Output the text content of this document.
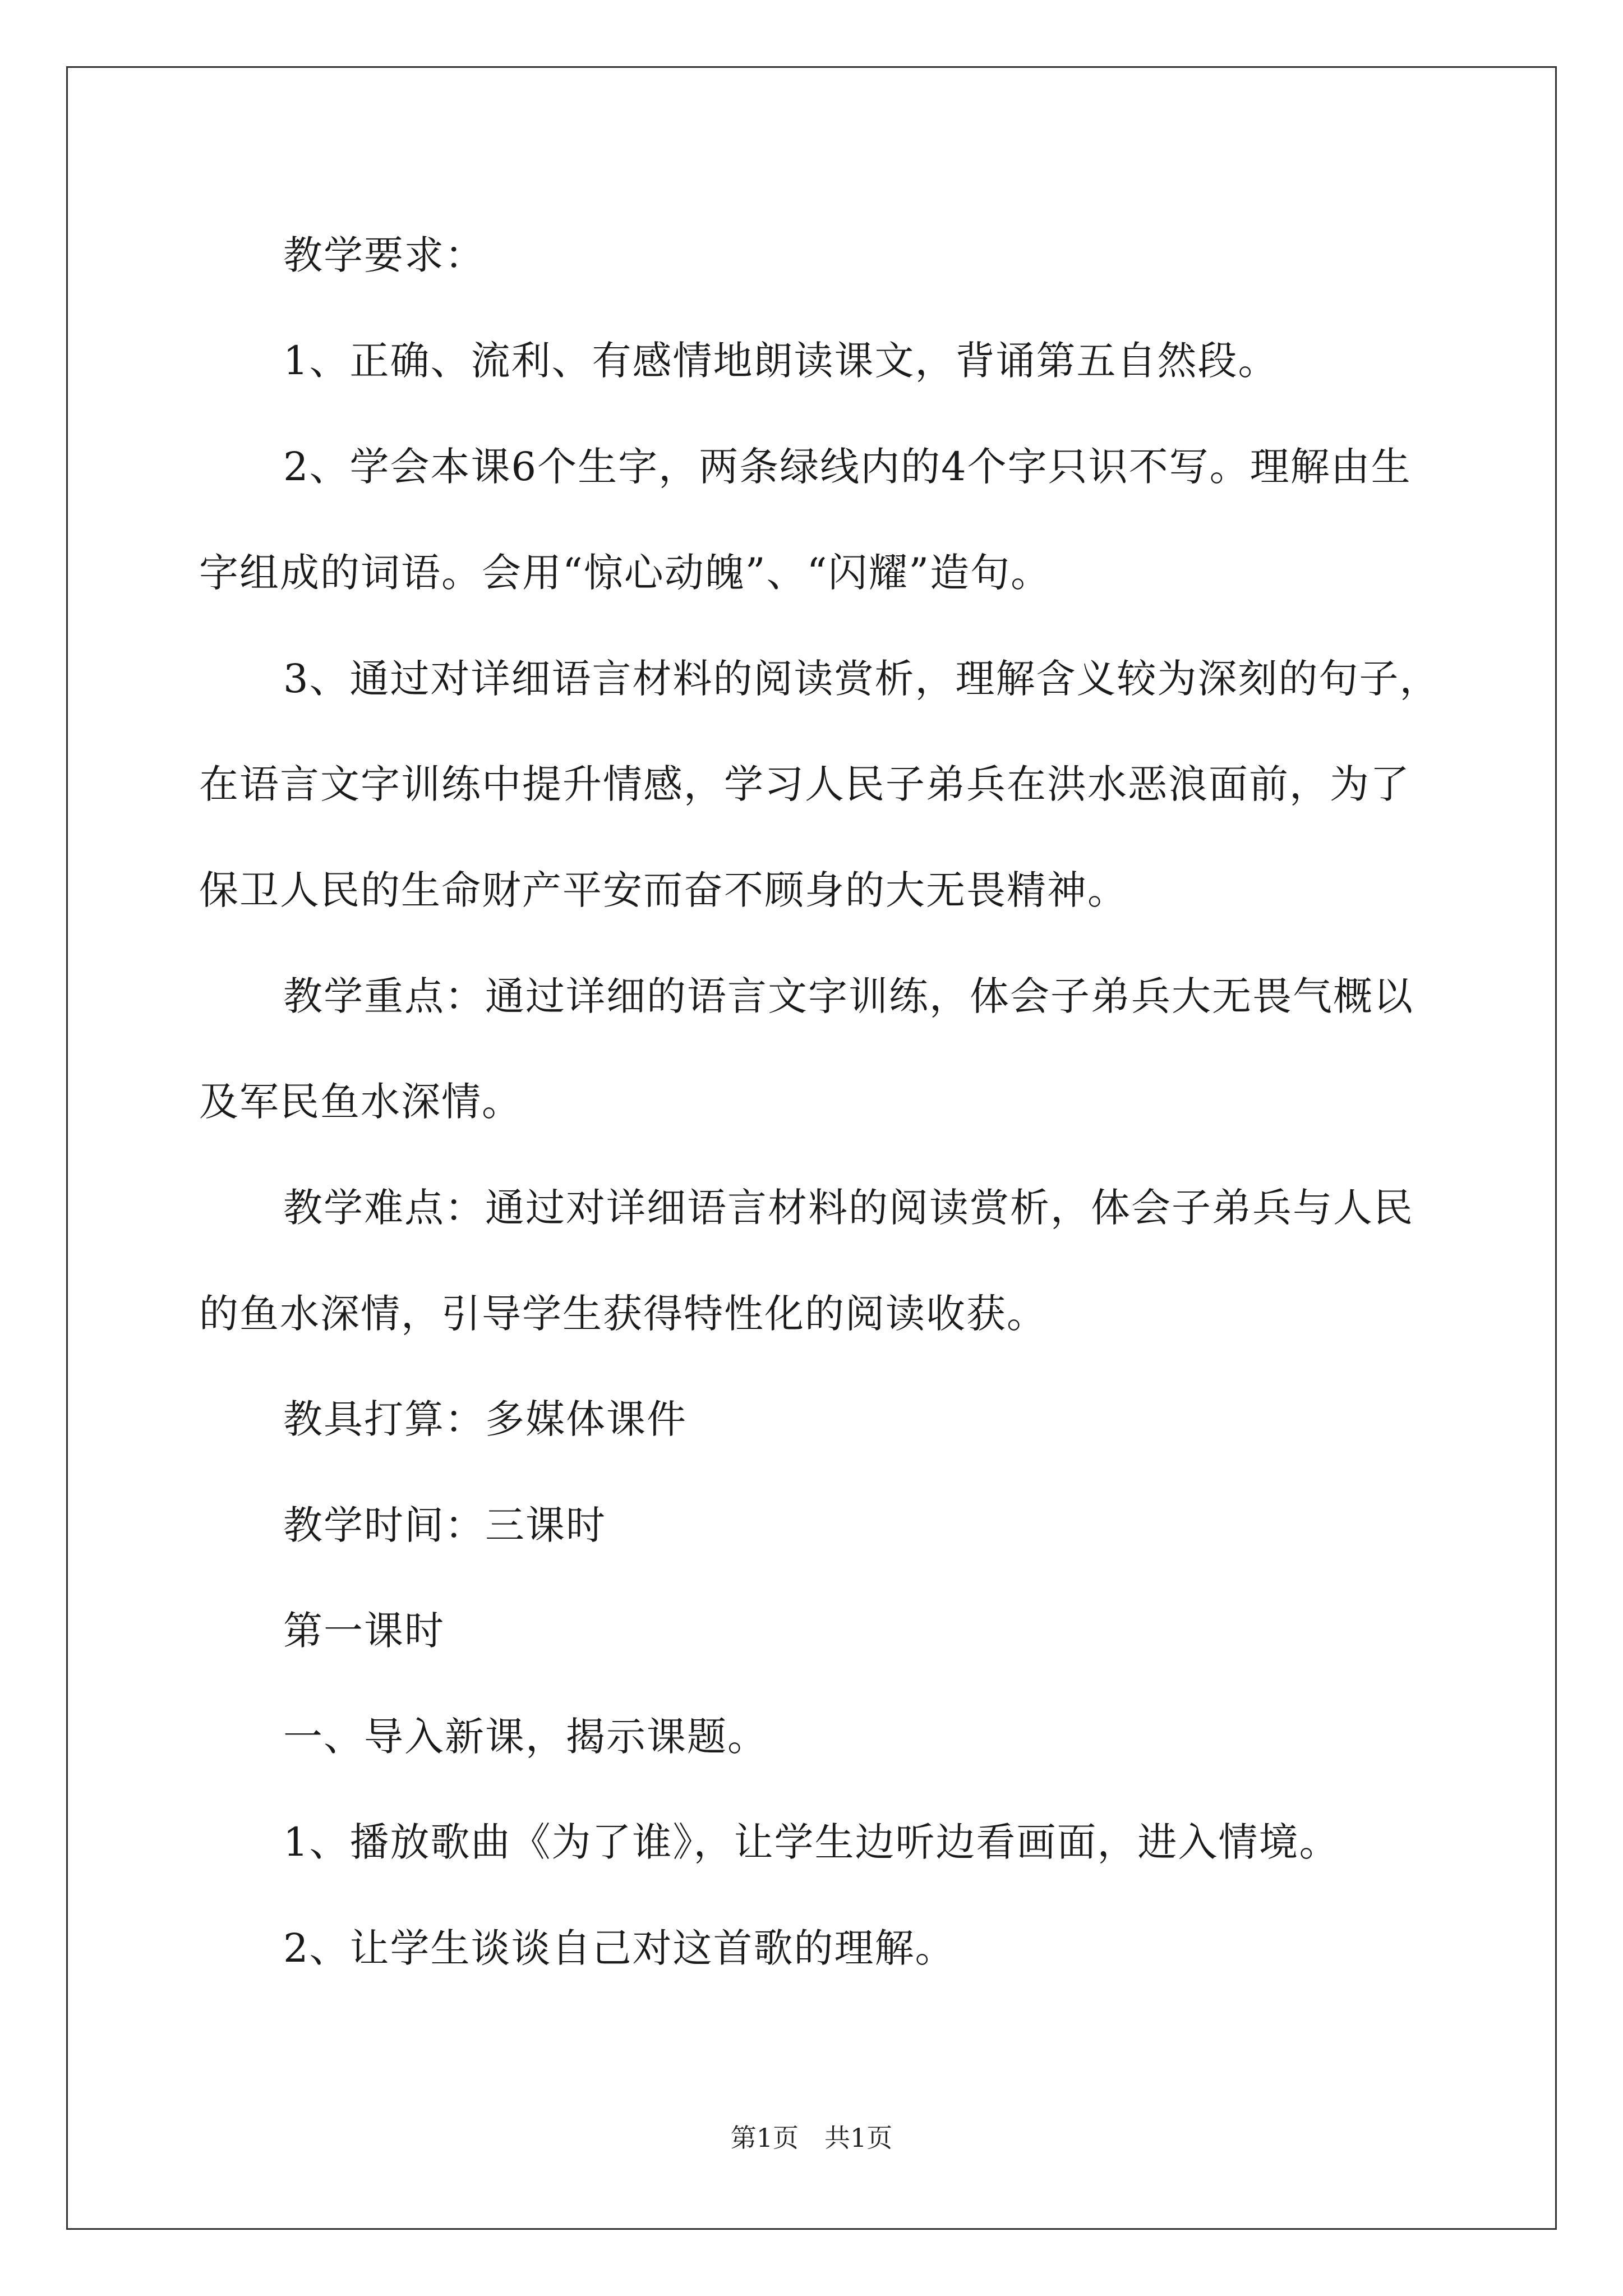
教学要求：
1、正确、流利、有感情地朗读课文，背诵第五自然段。
2、学会本课6个生字，两条绿线内的4个字只识不写。理解由生
字组成的词语。会用“惊心动魄”、“闪耀”造句。
3、通过对详细语言材料的阅读赏析，理解含义较为深刻的句子，
在语言文字训练中提升情感，学习人民子弟兵在洪水恶浪面前，为了
保卫人民的生命财产平安而奋不顾身的大无畏精神。
教学重点：通过详细的语言文字训练，体会子弟兵大无畏气概以
及军民鱼水深情。
教学难点：通过对详细语言材料的阅读赏析，体会子弟兵与人民
的鱼水深情，引导学生获得特性化的阅读收获。
教具打算：多媒体课件
教学时间：三课时
第一课时
一、导入新课，揭示课题。
1、播放歌曲《为了谁》，让学生边听边看画面，进入情境。
2、让学生谈谈自己对这首歌的理解。
第1页　共1页
